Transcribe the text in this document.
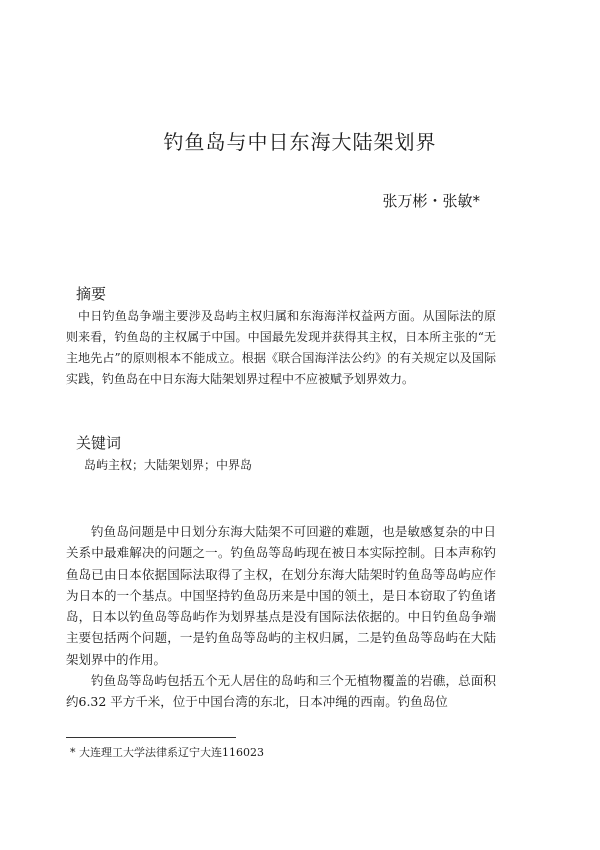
钓鱼岛与中日东海大陆架划界
张万彬・张敏*
摘要
中日钓鱼岛争端主要涉及岛屿主权归属和东海海洋权益两方面。从国际法的原则来看，钓鱼岛的主权属于中国。中国最先发现并获得其主权，日本所主张的“无主地先占”的原则根本不能成立。根据《联合国海洋法公约》的有关规定以及国际实践，钓鱼岛在中日东海大陆架划界过程中不应被赋予划界效力。
关键词
岛屿主权；大陆架划界；中界岛

钓鱼岛问题是中日划分东海大陆架不可回避的难题，也是敏感复杂的中日关系中最难解决的问题之一。钓鱼岛等岛屿现在被日本实际控制。日本声称钓鱼岛已由日本依据国际法取得了主权，在划分东海大陆架时钓鱼岛等岛屿应作为日本的一个基点。中国坚持钓鱼岛历来是中国的领土，是日本窃取了钓鱼诸岛，日本以钓鱼岛等岛屿作为划界基点是没有国际法依据的。中日钓鱼岛争端主要包括两个问题，一是钓鱼岛等岛屿的主权归属，二是钓鱼岛等岛屿在大陆架划界中的作用。

钓鱼岛等岛屿包括五个无人居住的岛屿和三个无植物覆盖的岩礁，总面积约6.32 平方千米，位于中国台湾的东北，日本冲绳的西南。钓鱼岛位

* 大连理工大学法律系辽宁大连116023
